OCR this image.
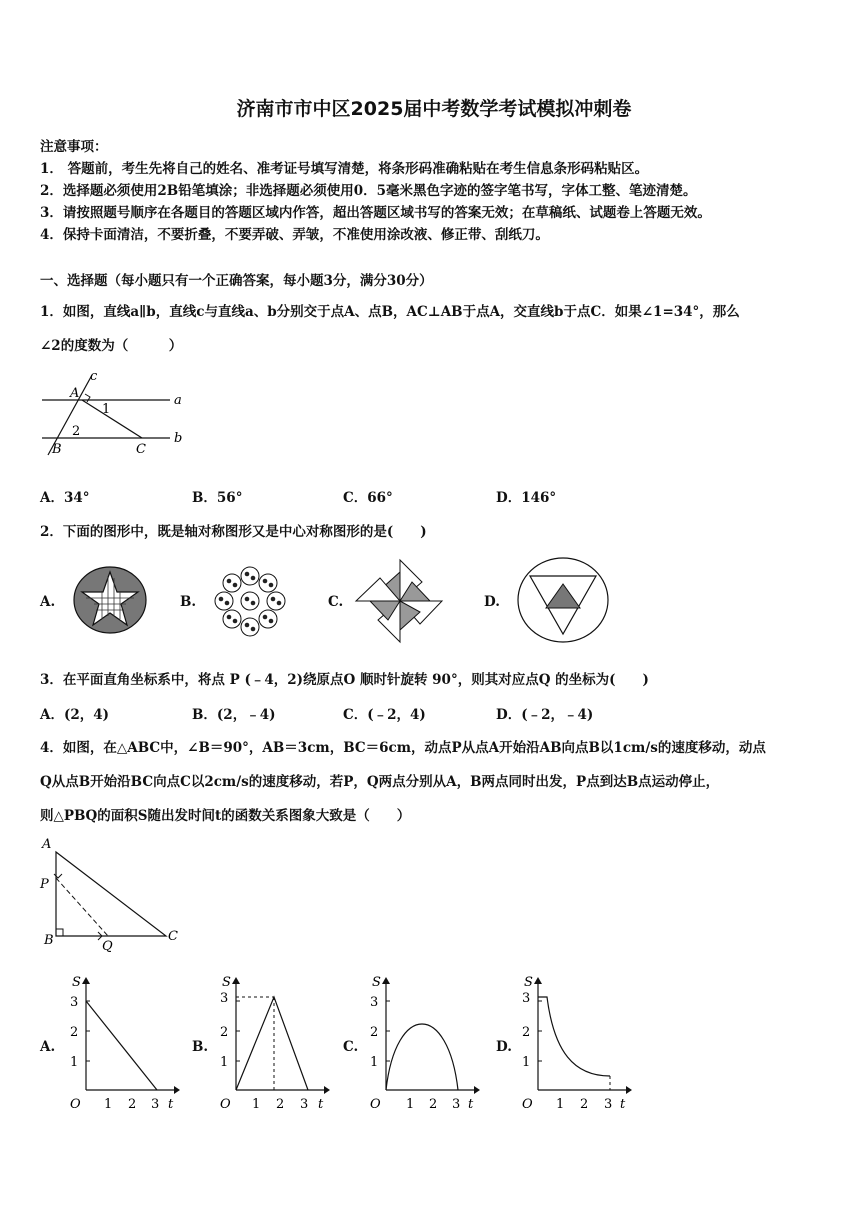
济南市市中区2025届中考数学考试模拟冲刺卷
注意事项：
1． 答题前，考生先将自己的姓名、准考证号填写清楚，将条形码准确粘贴在考生信息条形码粘贴区。
2．选择题必须使用2B铅笔填涂；非选择题必须使用0．5毫米黑色字迹的签字笔书写，字体工整、笔迹清楚。
3．请按照题号顺序在各题目的答题区域内作答，超出答题区域书写的答案无效；在草稿纸、试题卷上答题无效。
4．保持卡面清洁，不要折叠，不要弄破、弄皱，不准使用涂改液、修正带、刮纸刀。
一、选择题（每小题只有一个正确答案，每小题3分，满分30分）
1．如图，直线a∥b，直线c与直线a、b分别交于点A、点B，AC⊥AB于点A，交直线b于点C．如果∠1=34°，那么
∠2的度数为（　　　）
c
a
b
A
B	C
1
2
A．34°	B．56°	C．66°	D．146°
2．下面的图形中，既是轴对称图形又是中心对称图形的是(　　)
A.	B.	C.	D.
3．在平面直角坐标系中，将点 P (﹣4，2)绕原点O 顺时针旋转 90°，则其对应点Q 的坐标为(　　)
A．(2，4)	B．(2，﹣4)	C．(﹣2，4)	D．(﹣2，﹣4)
4．如图，在△ABC中，∠B＝90°，AB＝3cm，BC＝6cm，动点P从点A开始沿AB向点B以1cm/s的速度移动，动点
Q从点B开始沿BC向点C以2cm/s的速度移动，若P，Q两点分别从A，B两点同时出发，P点到达B点运动停止，
则△PBQ的面积S随出发时间t的函数关系图象大致是（　　）
A
P
B	Q
C
A.
S
t
O
3
2
1
1 2 3
B.
S
t
O
3
2
1
1 2 3
C.
S
t
O
3
2
1
1 2 3
D.
S
t
O
3
2
1
1 2 3
